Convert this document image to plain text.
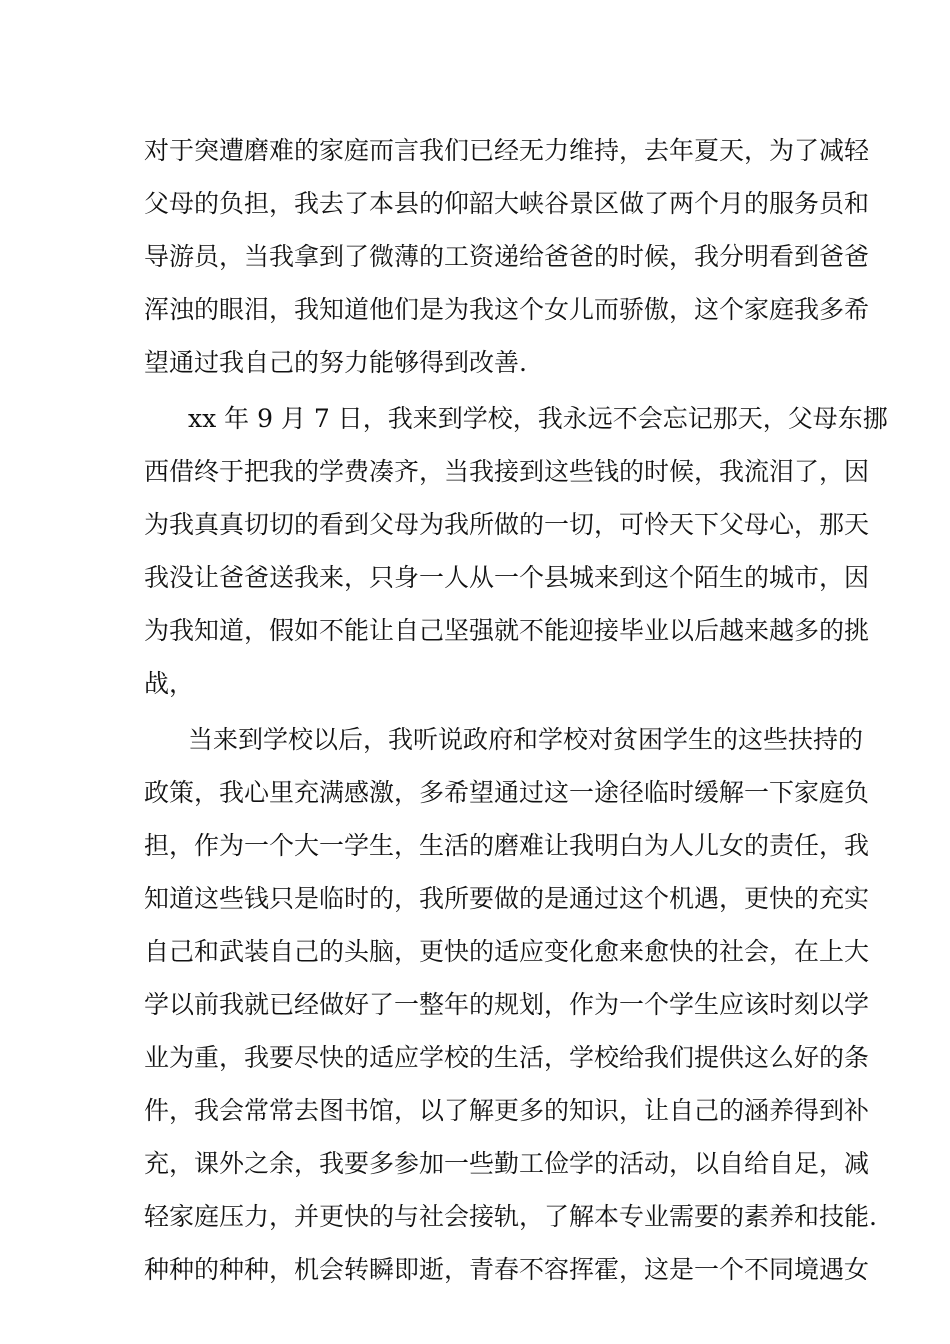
对于突遭磨难的家庭而言我们已经无力维持，去年夏天，为了减轻
父母的负担，我去了本县的仰韶大峡谷景区做了两个月的服务员和
导游员，当我拿到了微薄的工资递给爸爸的时候，我分明看到爸爸
浑浊的眼泪，我知道他们是为我这个女儿而骄傲，这个家庭我多希
望通过我自己的努力能够得到改善.
xx 年 9 月 7 日，我来到学校，我永远不会忘记那天，父母东挪
西借终于把我的学费凑齐，当我接到这些钱的时候，我流泪了，因
为我真真切切的看到父母为我所做的一切，可怜天下父母心，那天
我没让爸爸送我来，只身一人从一个县城来到这个陌生的城市，因
为我知道，假如不能让自己坚强就不能迎接毕业以后越来越多的挑
战，
当来到学校以后，我听说政府和学校对贫困学生的这些扶持的
政策，我心里充满感激，多希望通过这一途径临时缓解一下家庭负
担，作为一个大一学生，生活的磨难让我明白为人儿女的责任，我
知道这些钱只是临时的，我所要做的是通过这个机遇，更快的充实
自己和武装自己的头脑，更快的适应变化愈来愈快的社会，在上大
学以前我就已经做好了一整年的规划，作为一个学生应该时刻以学
业为重，我要尽快的适应学校的生活，学校给我们提供这么好的条
件，我会常常去图书馆，以了解更多的知识，让自己的涵养得到补
充，课外之余，我要多参加一些勤工俭学的活动，以自给自足，减
轻家庭压力，并更快的与社会接轨，了解本专业需要的素养和技能.
种种的种种，机会转瞬即逝，青春不容挥霍，这是一个不同境遇女
